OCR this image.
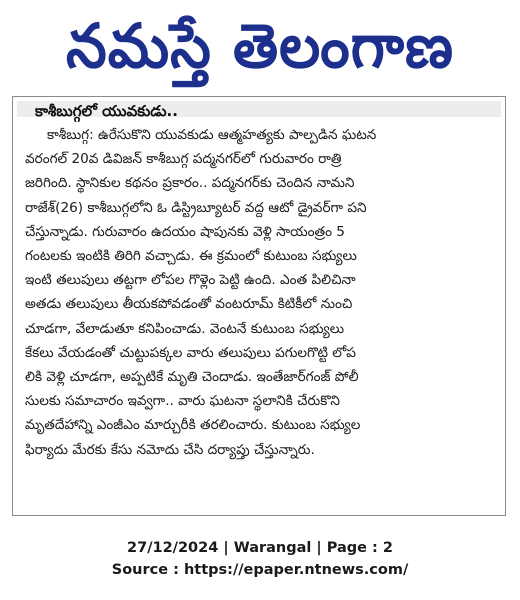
నమస్తే తెలంగాణ
కాశీబుగ్గలో యువకుడు..
కాశీబుగ్గ: ఉరేసుకొని యువకుడు ఆత్మహత్యకు పాల్పడిన ఘటన
వరంగల్ 20వ డివిజన్ కాశీబుగ్గ పద్మనగర్‌లో గురువారం రాత్రి
జరిగింది. స్థానికుల కథనం ప్రకారం.. పద్మనగర్‌కు చెందిన నామని
రాజేశ్(26) కాశీబుగ్గలోని ఓ డిస్ట్రిబ్యూటర్ వద్ద ఆటో డ్రైవర్‌గా పని
చేస్తున్నాడు. గురువారం ఉదయం షాపునకు వెళ్లి సాయంత్రం 5
గంటలకు ఇంటికి తిరిగి వచ్చాడు. ఈ క్రమంలో కుటుంబ సభ్యులు
ఇంటి తలుపులు తట్టగా లోపల గొళ్లెం పెట్టి ఉంది. ఎంత పిలిచినా
అతడు తలుపులు తీయకపోవడంతో వంటరూమ్ కిటికీలో నుంచి
చూడగా, వేలాడుతూ కనిపించాడు. వెంటనే కుటుంబ సభ్యులు
కేకలు వేయడంతో చుట్టుపక్కల వారు తలుపులు పగులగొట్టి లోప
లికి వెళ్లి చూడగా, అప్పటికే మృతి చెందాడు. ఇంతేజార్‌గంజ్ పోలీ
సులకు సమాచారం ఇవ్వగా.. వారు ఘటనా స్థలానికి చేరుకొని
మృతదేహాన్ని ఎంజీఎం మార్చురీకి తరలించారు. కుటుంబ సభ్యుల
ఫిర్యాదు మేరకు కేసు నమోదు చేసి దర్యాప్తు చేస్తున్నారు.
27/12/2024 | Warangal | Page : 2
Source : https://epaper.ntnews.com/
